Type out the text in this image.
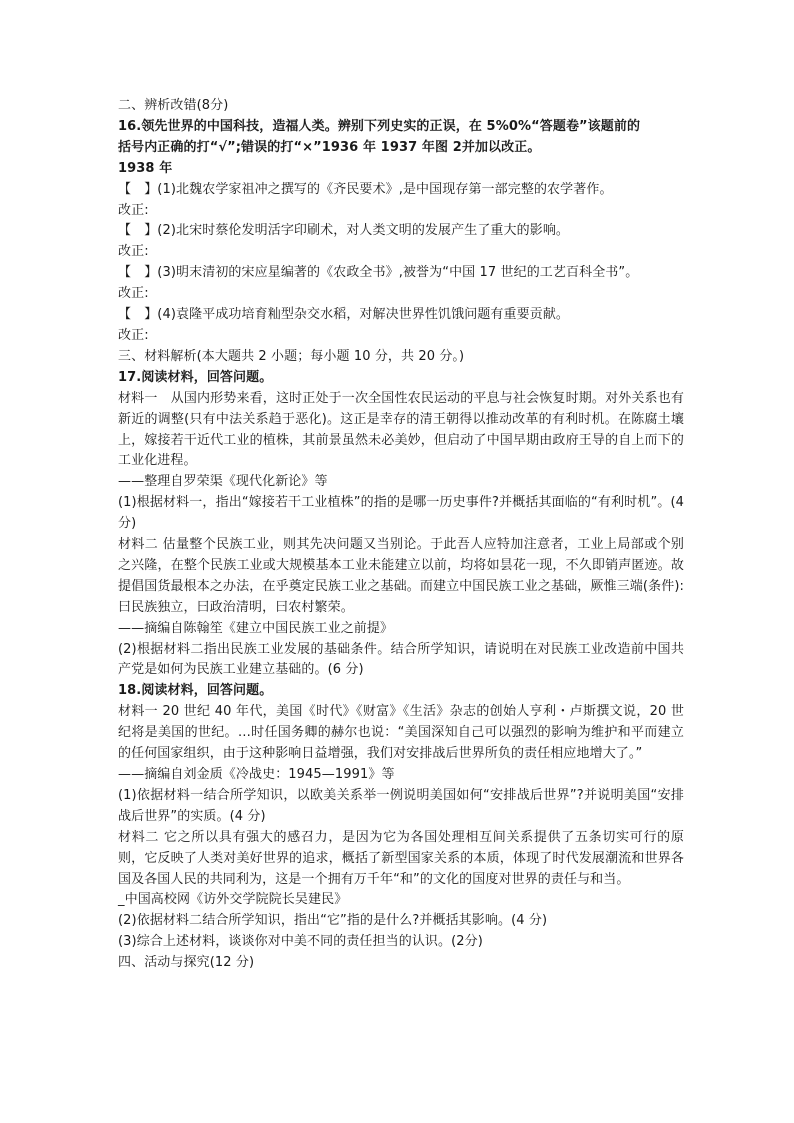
二、辨析改错(8分)
16.领先世界的中国科技，造福人类。辨别下列史实的正误，在 5%0%“答题卷”该题前的
括号内正确的打“√”;错误的打“×”1936 年 1937 年图 2并加以改正。
1938 年
【　】(1)北魏农学家祖冲之撰写的《齐民要术》,是中国现存第一部完整的农学著作。
改正:
【　】(2)北宋时蔡伦发明活字印刷术，对人类文明的发展产生了重大的影响。
改正:
【　】(3)明末清初的宋应星编著的《农政全书》,被誉为“中国 17 世纪的工艺百科全书”。
改正:
【　】(4)袁隆平成功培育籼型杂交水稻，对解决世界性饥饿问题有重要贡献。
改正:
三、材料解析(本大题共 2 小题；每小题 10 分，共 20 分。)
17.阅读材料，回答问题。
材料一　从国内形势来看，这时正处于一次全国性农民运动的平息与社会恢复时期。对外关系也有新近的调整(只有中法关系趋于恶化)。这正是幸存的清王朝得以推动改革的有利时机。在陈腐土壤上，嫁接若干近代工业的植株，其前景虽然未必美妙，但启动了中国早期由政府王导的自上而下的工业化进程。
——整理自罗荣渠《现代化新论》等
(1)根据材料一，指出“嫁接若干工业植株”的指的是哪一历史事件?并概括其面临的“有利时机”。(4 分)
材料二 估量整个民族工业，则其先决问题又当别论。于此吾人应特加注意者，工业上局部或个别之兴隆，在整个民族工业或大规模基本工业未能建立以前，均将如昙花一现，不久即销声匿迹。故提倡国货最根本之办法，在乎奠定民族工业之基础。而建立中国民族工业之基础，厥惟三端(条件):曰民族独立，曰政治清明，曰农村繁荣。
——摘编自陈翰笙《建立中国民族工业之前提》
(2)根据材料二指出民族工业发展的基础条件。结合所学知识，请说明在对民族工业改造前中国共产党是如何为民族工业建立基础的。(6 分)
18.阅读材料，回答问题。
材料一 20 世纪 40 年代，美国《时代》《财富》《生活》杂志的创始人亨利・卢斯撰文说，20 世纪将是美国的世纪。…时任国务卿的赫尔也说：“美国深知自己可以强烈的影响为维护和平而建立的任何国家组织，由于这种影响日益增强，我们对安排战后世界所负的责任相应地增大了。”
——摘编自刘金质《冷战史：1945—1991》等
(1)依据材料一结合所学知识，以欧美关系举一例说明美国如何“安排战后世界”?并说明美国“安排战后世界”的实质。(4 分)
材料二 它之所以具有强大的感召力，是因为它为各国处理相互间关系提供了五条切实可行的原则，它反映了人类对美好世界的追求，概括了新型国家关系的本质，体现了时代发展潮流和世界各国及各国人民的共同利为，这是一个拥有万千年“和”的文化的国度对世界的责任与和当。
_中国高校网《访外交学院院长吴建民》
(2)依据材料二结合所学知识，指出“它”指的是什么?并概括其影响。(4 分)
(3)综合上述材料，谈谈你对中美不同的责任担当的认识。(2分)
四、活动与探究(12 分)
